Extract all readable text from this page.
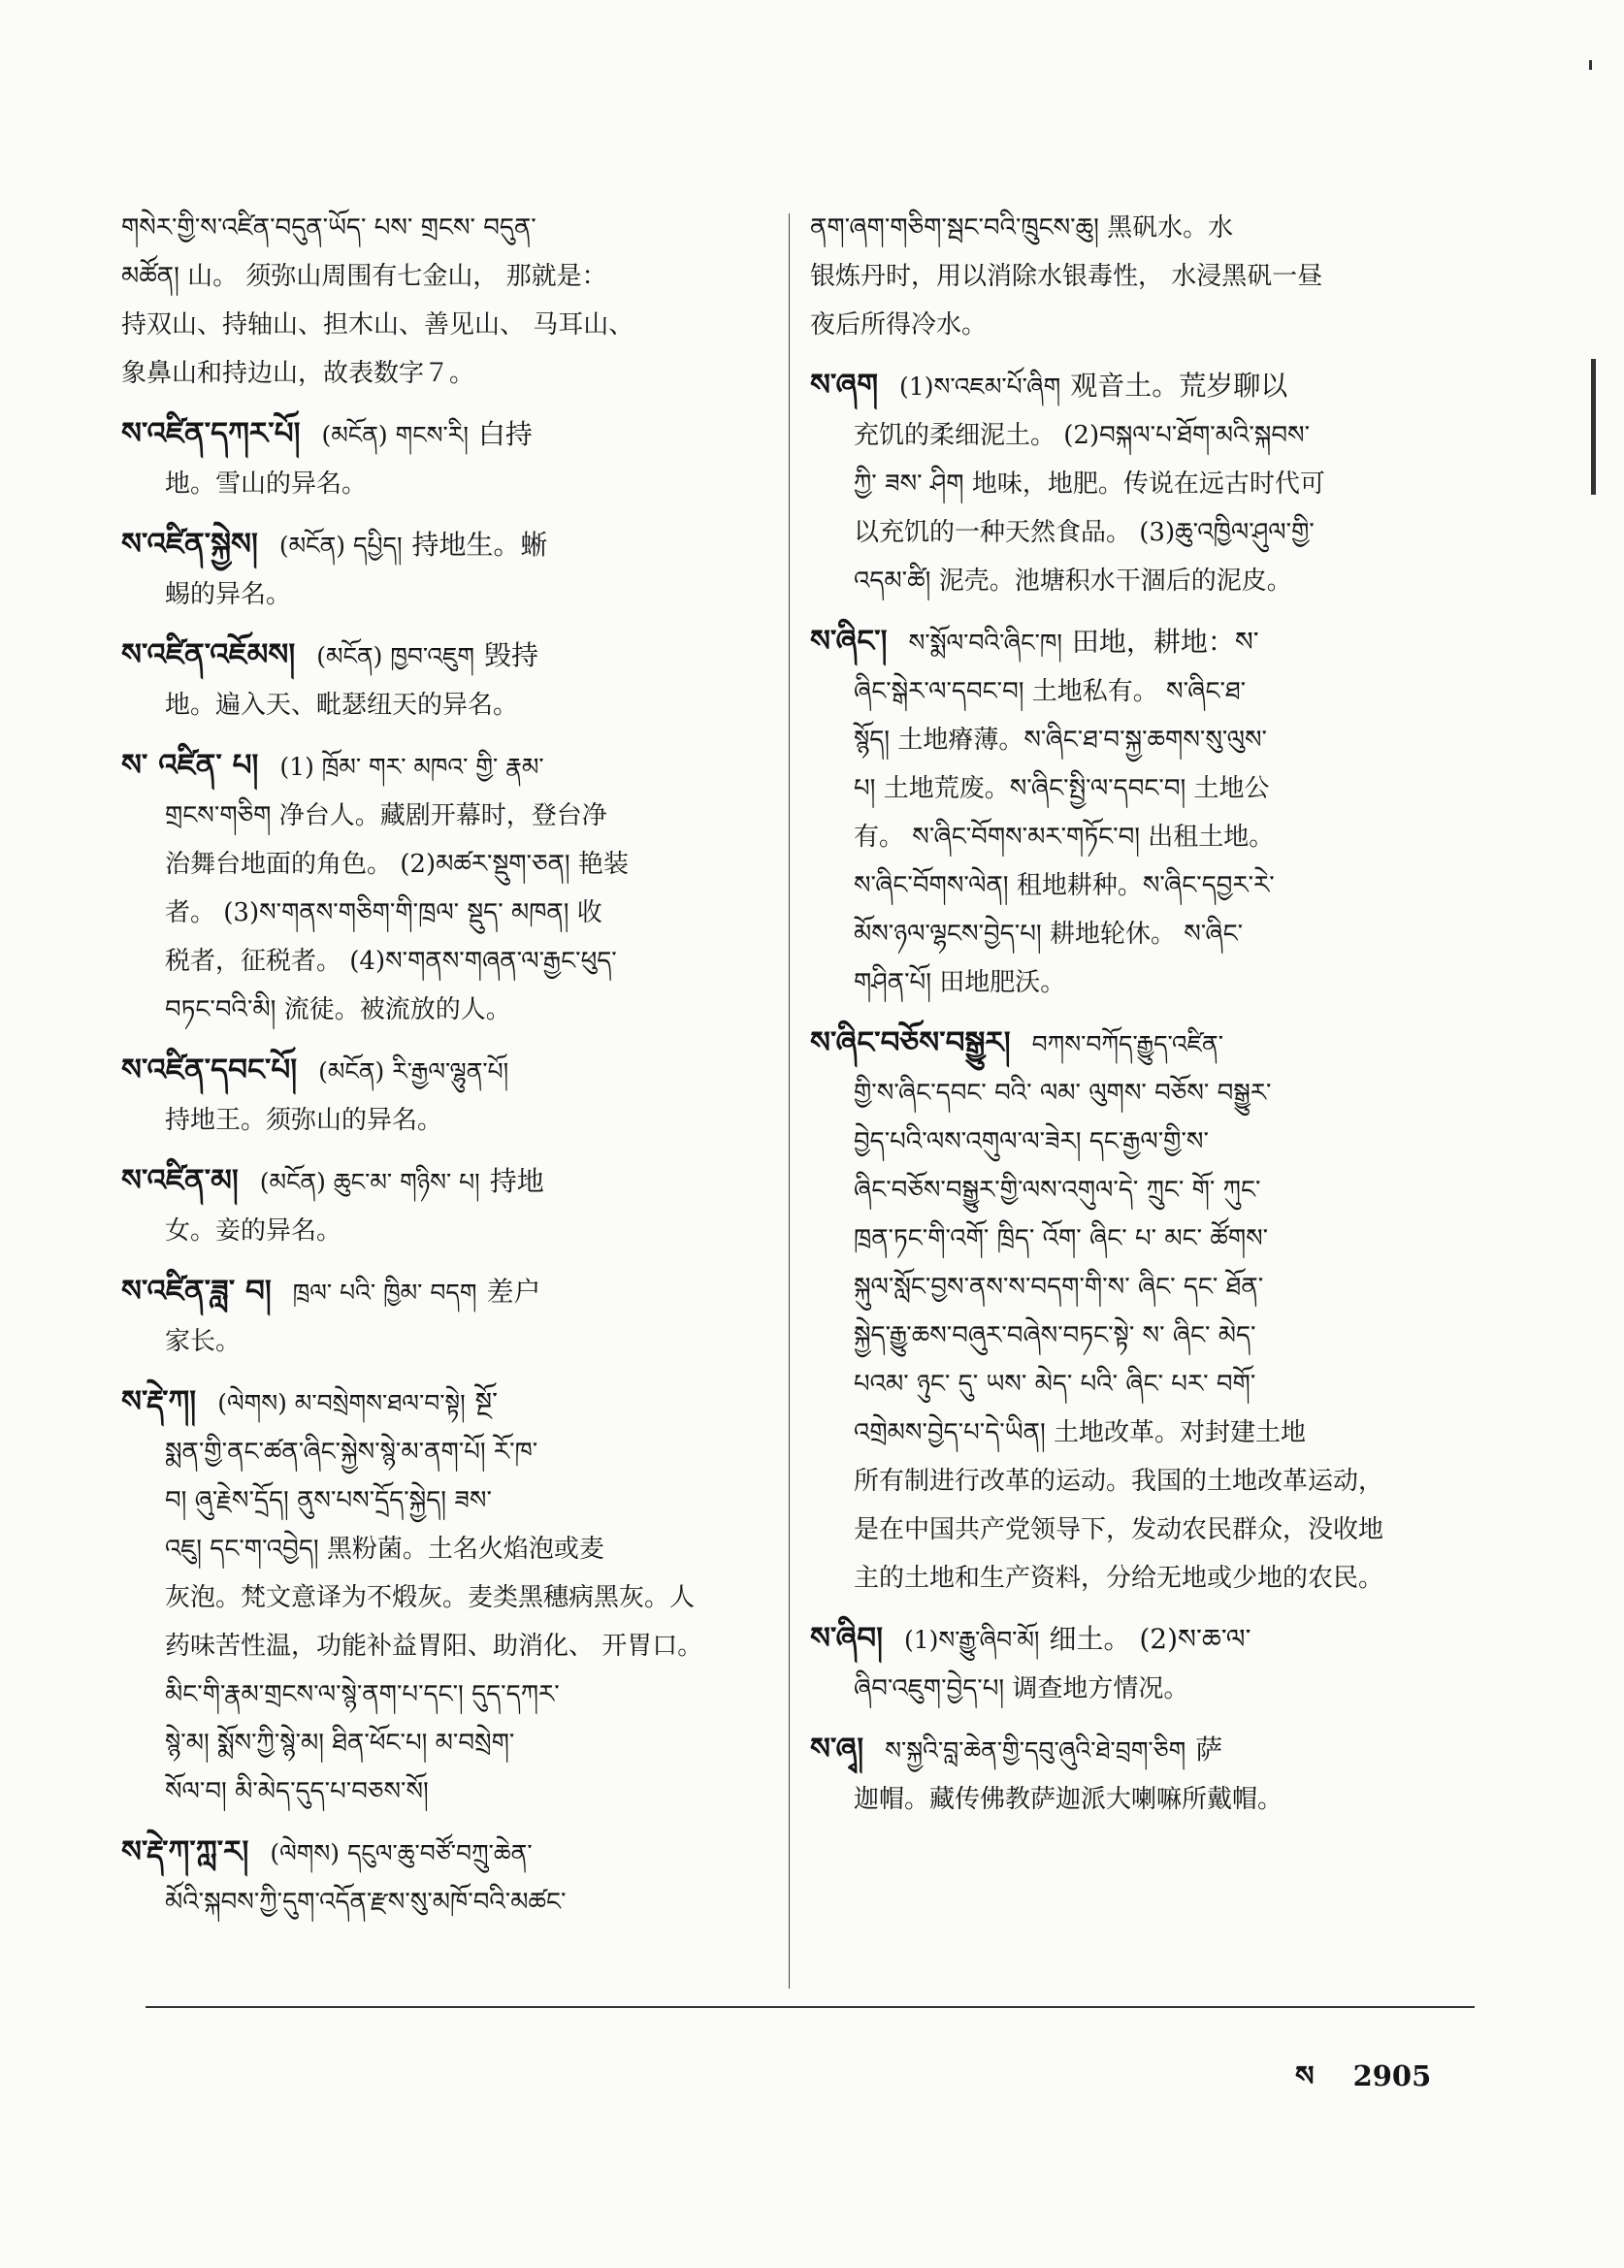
གསེར་གྱི་ས་འཛིན་བདུན་ཡོད་ པས་ གྲངས་ བདུན་

མཚོན། 山。 须弥山周围有七金山， 那就是：

持双山、持轴山、担木山、善见山、 马耳山、

象鼻山和持边山，故表数字７。

ས་འཛིན་དཀར་པོ། (མངོན) གངས་རི། 白持

地。雪山的异名。

ས་འཛིན་སྐྱེས། (མངོན) དཔྱིད། 持地生。蜥

蜴的异名。

ས་འཛིན་འཇོམས། (མངོན) ཁྱབ་འཇུག 毁持

地。遍入天、毗瑟纽天的异名。

ས་ འཛིན་ པ། (1) ཁྲོམ་ གར་ མཁའ་ གྱི་ རྣམ་

གྲངས་གཅིག 净台人。藏剧开幕时，登台净

治舞台地面的角色。 (2)མཚར་སྡུག་ཅན། 艳装

者。 (3)ས་གནས་གཅིག་གི་ཁྲལ་ སྡུད་ མཁན། 收

税者，征税者。 (4)ས་གནས་གཞན་ལ་རྒྱང་ཕུད་

བཏང་བའི་མི། 流徒。被流放的人。

ས་འཛིན་དབང་པོ། (མངོན) རི་རྒྱལ་ལྷུན་པོ།

持地王。须弥山的异名。

ས་འཛིན་མ། (མངོན) ཆུང་མ་ གཉིས་ པ། 持地

女。妾的异名。

ས་འཛིན་ཟླ་ བ། ཁྲལ་ པའི་ ཁྱིམ་ བདག 差户

家长。

ས་རྡེ་ཀ། (ལེགས) མ་བསྲེགས་ཐལ་བ་སྟེ། སྔོ་

སྨན་གྱི་ནང་ཚན་ཞིང་སྐྱེས་སྙེ་མ་ནག་པོ། རོ་ཁ་

བ། ཞུ་རྗེས་དྲོད། ནུས་པས་དྲོད་སྐྱེད། ཟས་

འཇུ། དང་ག་འབྱེད། 黑粉菌。土名火焰泡或麦

灰泡。梵文意译为不煅灰。麦类黑穗病黑灰。人

药味苦性温，功能补益胃阳、助消化、 开胃口。

མིང་གི་རྣམ་གྲངས་ལ་སྙེ་ནག་པ་དང་། དུད་དཀར་

སྙེ་མ། སྨོས་ཀྱི་སྙེ་མ། ཐིན་ཕོང་པ། མ་བསྲེག་

སོལ་བ། མི་མེད་དུད་པ་བཅས་སོ།

ས་རྡེ་ཀ་ཀླ་ར། (ལེགས) དངུལ་ཆུ་བཙོ་བཀྲུ་ཆེན་

མོའི་སྐབས་ཀྱི་དུག་འདོན་རྫས་སུ་མཁོ་བའི་མཚང་

ནག་ཞག་གཅིག་སྦང་བའི་ཁྲུངས་ཆུ། 黑矾水。水

银炼丹时，用以消除水银毒性， 水浸黑矾一昼

夜后所得冷水。

ས་ཞག (1)ས་འཇམ་པོ་ཞིག 观音土。荒岁聊以

充饥的柔细泥土。 (2)བསྐལ་པ་ཐོག་མའི་སྐབས་

ཀྱི་ ཟས་ ཤིག 地味，地肥。传说在远古时代可

以充饥的一种天然食品。 (3)ཆུ་འཁྱིལ་ཤུལ་གྱི་

འདམ་ཚི། 泥壳。池塘积水干涸后的泥皮。

ས་ཞིང་། ས་སྨོལ་བའི་ཞིང་ཁ། 田地，耕地：ས་

ཞིང་སྒེར་ལ་དབང་བ། 土地私有。 ས་ཞིང་ཐ་

སྙོད། 土地瘠薄。ས་ཞིང་ཐ་བ་སྐྱ་ཆགས་སུ་ལུས་

པ། 土地荒废。ས་ཞིང་སྤྱི་ལ་དབང་བ། 土地公

有。 ས་ཞིང་བོགས་མར་གཏོང་བ། 出租土地。

ས་ཞིང་བོགས་ལེན། 租地耕种。ས་ཞིང་དབྱར་རེ་

མོས་ཉལ་ལྷངས་བྱེད་པ། 耕地轮休。 ས་ཞིང་

གཤིན་པོ། 田地肥沃。

ས་ཞིང་བཅོས་བསྒྱུར། བཀས་བཀོད་རྒྱུད་འཛིན་

གྱི་ས་ཞིང་དབང་ བའི་ ལམ་ ལུགས་ བཅོས་ བསྒྱུར་

བྱེད་པའི་ལས་འགུལ་ལ་ཟེར། དང་རྒྱལ་གྱི་ས་

ཞིང་བཅོས་བསྒྱུར་གྱི་ལས་འགུལ་དེ་ ཀྲུང་ གོ་ ཀུང་

ཁྲན་ཏང་གི་འགོ་ ཁྲིད་ འོག་ ཞིང་ པ་ མང་ ཚོགས་

སྐུལ་སློང་བྱས་ནས་ས་བདག་གི་ས་ ཞིང་ དང་ ཐོན་

སྐྱེད་རྒྱུ་ཆས་བཞུར་བཞེས་བཏང་སྟེ་ ས་ ཞིང་ མེད་

པའམ་ ཉུང་ དུ་ ཡས་ མེད་ པའི་ ཞིང་ པར་ བགོ་

འགྲེམས་བྱེད་པ་དེ་ཡིན། 土地改革。对封建土地

所有制进行改革的运动。我国的土地改革运动，

是在中国共产党领导下，发动农民群众，没收地

主的土地和生产资料，分给无地或少地的农民。

ས་ཞིབ། (1)ས་རྒྱུ་ཞིབ་མོ། 细土。 (2)ས་ཆ་ལ་

ཞིབ་འཇུག་བྱེད་པ། 调查地方情况。

ས་ཞྭ། ས་སྐྱའི་བླ་ཆེན་གྱི་དབུ་ཞུའི་ཐེ་བྲག་ཅིག 萨

迦帽。藏传佛教萨迦派大喇嘛所戴帽。

ས 2905
